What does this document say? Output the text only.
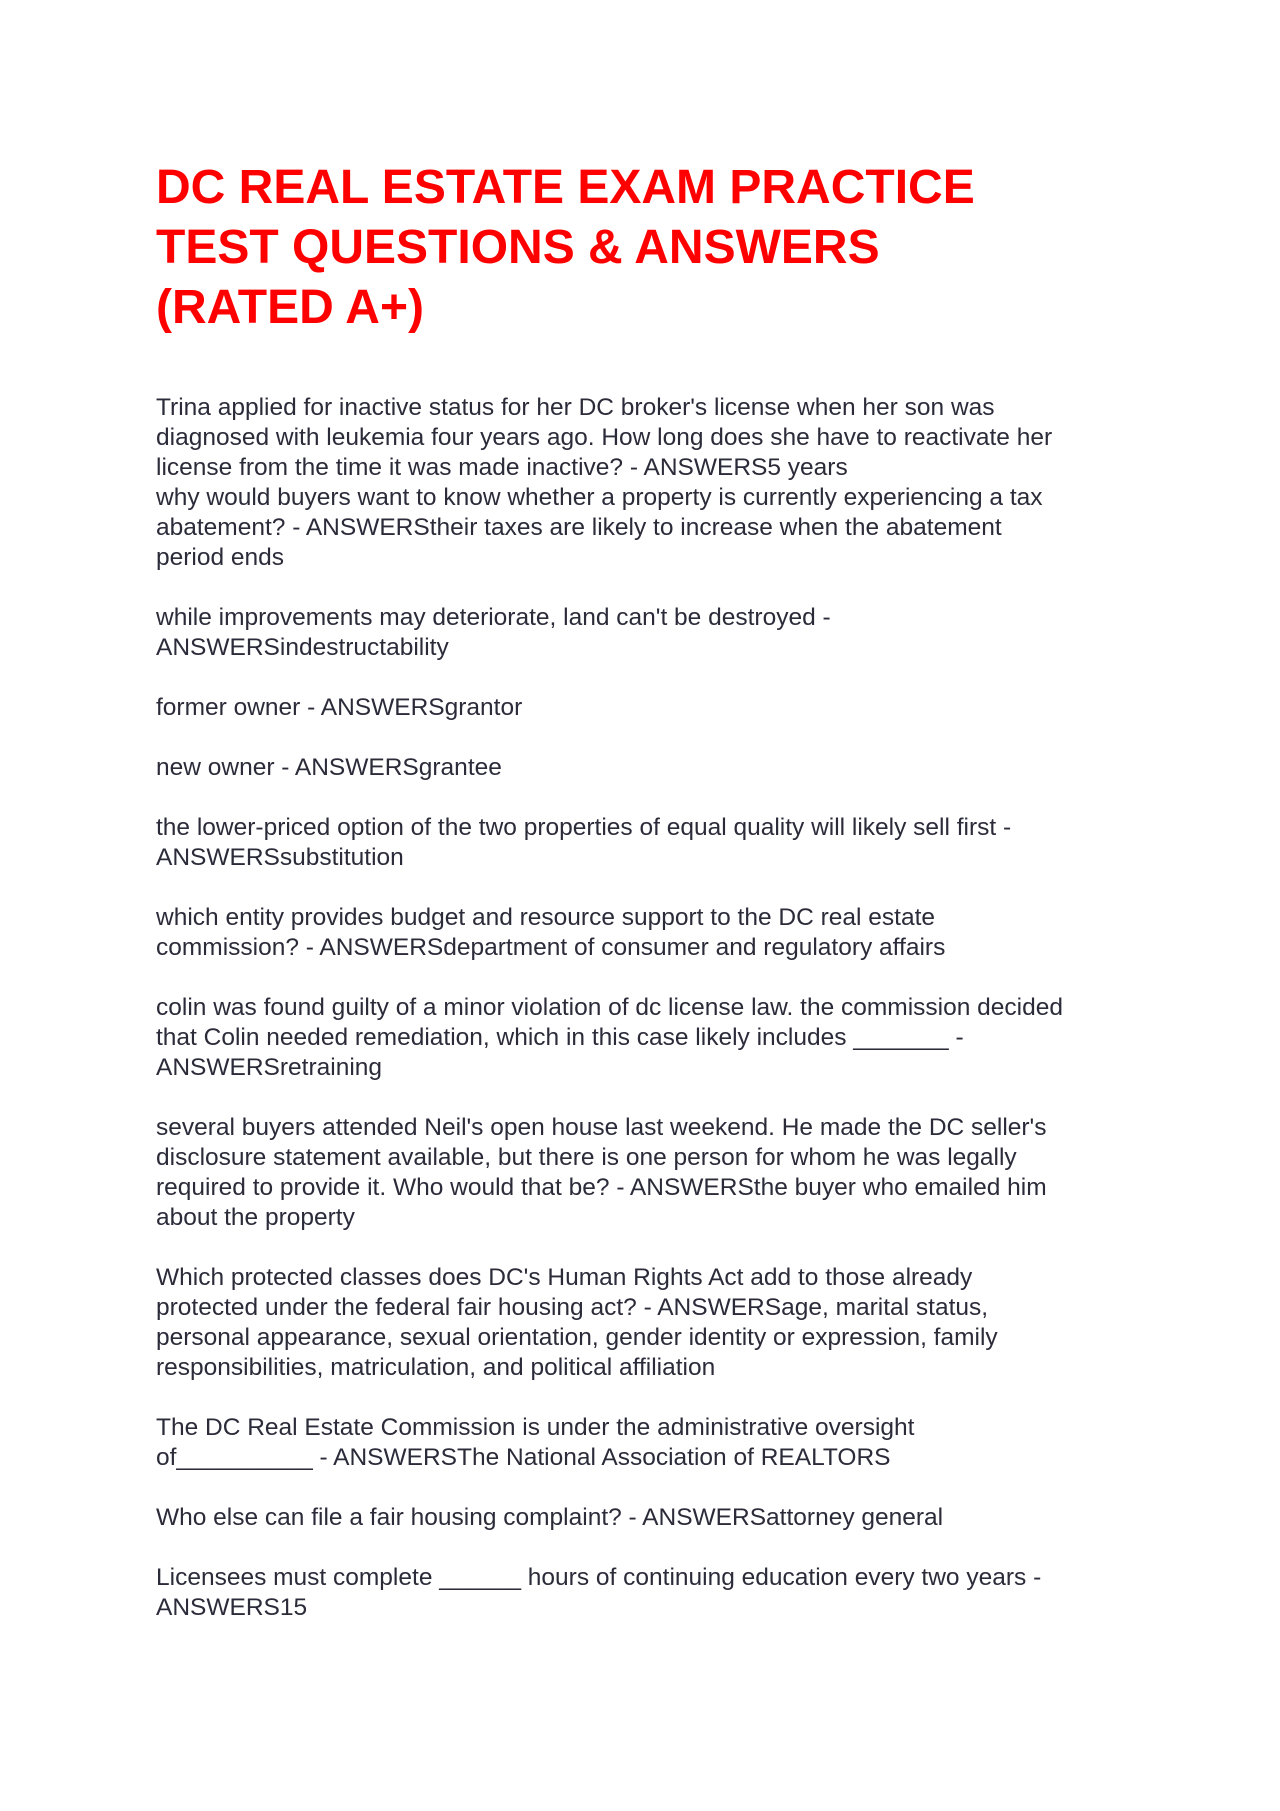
DC REAL ESTATE EXAM PRACTICE
TEST QUESTIONS & ANSWERS
(RATED A+)

Trina applied for inactive status for her DC broker's license when her son was
diagnosed with leukemia four years ago. How long does she have to reactivate her
license from the time it was made inactive? - ANSWERS5 years

why would buyers want to know whether a property is currently experiencing a tax
abatement? - ANSWERStheir taxes are likely to increase when the abatement
period ends

while improvements may deteriorate, land can't be destroyed -
ANSWERSindestructability

former owner - ANSWERSgrantor

new owner - ANSWERSgrantee

the lower-priced option of the two properties of equal quality will likely sell first -
ANSWERSsubstitution

which entity provides budget and resource support to the DC real estate
commission? - ANSWERSdepartment of consumer and regulatory affairs

colin was found guilty of a minor violation of dc license law. the commission decided
that Colin needed remediation, which in this case likely includes _______ -
ANSWERSretraining

several buyers attended Neil's open house last weekend. He made the DC seller's
disclosure statement available, but there is one person for whom he was legally
required to provide it. Who would that be? - ANSWERSthe buyer who emailed him
about the property

Which protected classes does DC's Human Rights Act add to those already
protected under the federal fair housing act? - ANSWERSage, marital status,
personal appearance, sexual orientation, gender identity or expression, family
responsibilities, matriculation, and political affiliation

The DC Real Estate Commission is under the administrative oversight
of__________ - ANSWERSThe National Association of REALTORS

Who else can file a fair housing complaint? - ANSWERSattorney general

Licensees must complete ______ hours of continuing education every two years -
ANSWERS15
